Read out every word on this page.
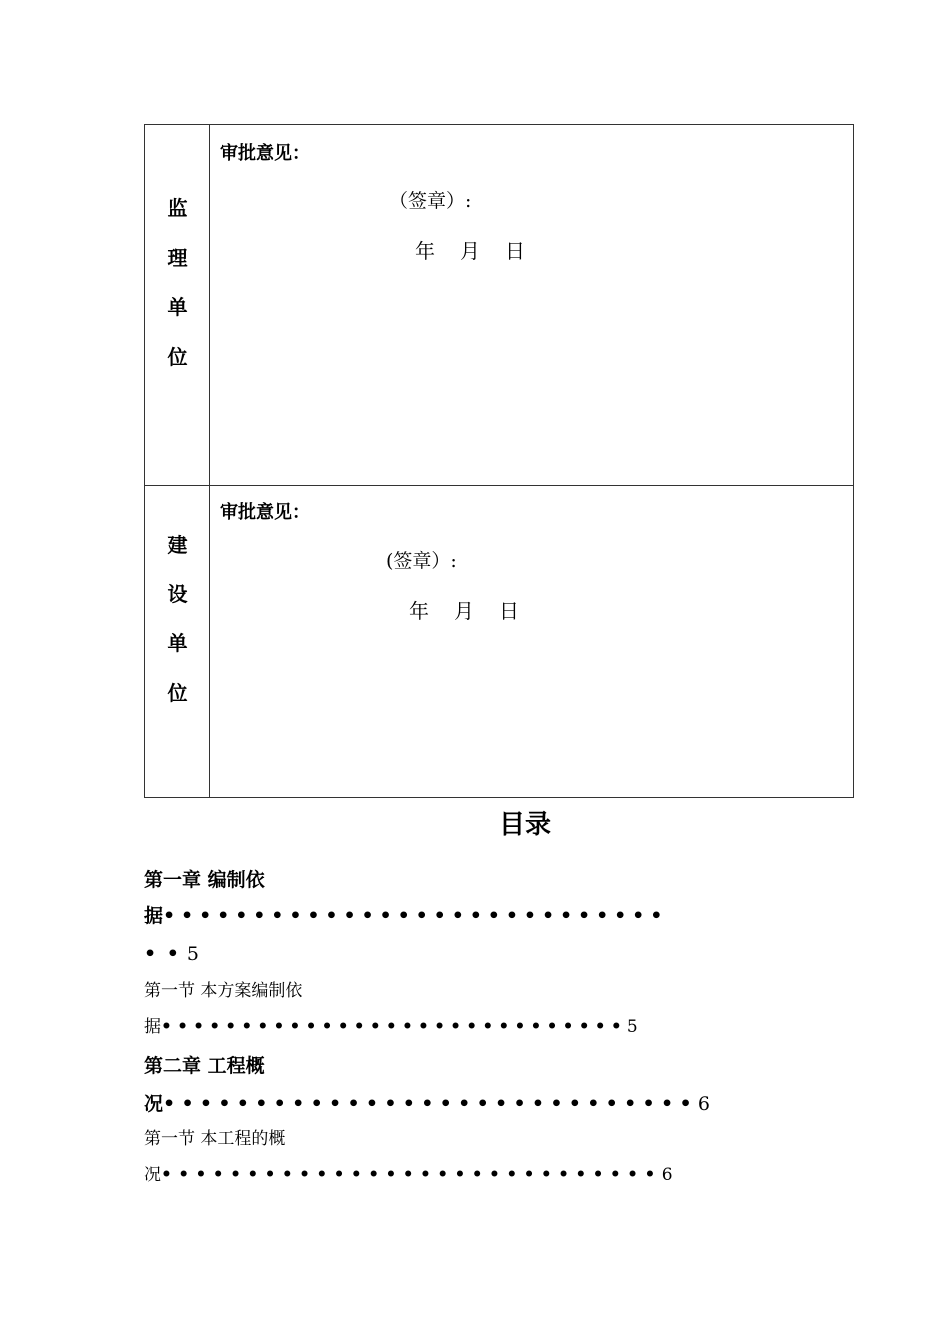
监
理
单
位
审批意见：
（签章）:
年 月 日
建
设
单
位
审批意见：
(签章）:
年 月 日
目录
第一章 编制依
据••••••••••••••••••••••••••••
• • 5
第一节 本方案编制依
据•••••••••••••••••••••••••••••5
第二章 工程概
况•••••••••••••••••••••••••••••6
第一节 本工程的概
况•••••••••••••••••••••••••••••6
